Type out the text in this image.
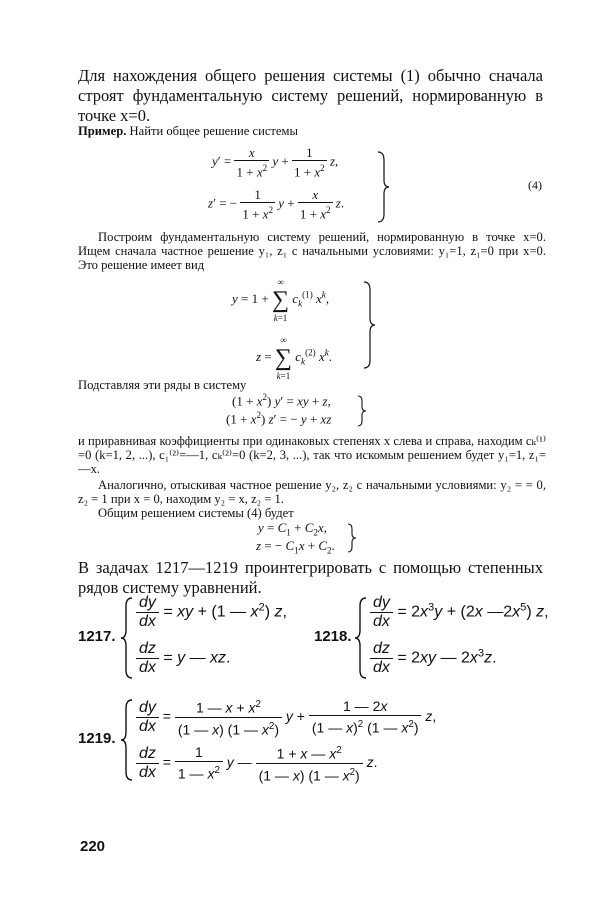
Для нахождения общего решения системы (1) обычно сначала строят фундаментальную систему решений, нормированную в точке x=0.
Пример. Найти общее решение системы
$y' = \frac{x}{1 + x^2}$ $y + \frac{1}{1 + x^2} z$,
z′ = − $\frac{1}{1 + x^2}$ $y + \frac{x}{1 + x^2} z$.
(4)
Построим фундаментальную систему решений, нормированную в точке x=0. Ищем сначала частное решение y₁, z₁ с начальными условиями: y₁=1, z₁=0 при x=0. Это решение имеет вид
y = 1 +
∞
∑
k=1
$c_k^{(1)}$ $x^k$,
z =
∞
∑
k=1
$c_k^{(2)}$ $x^k$.
Подставляя эти ряды в систему
$(1 + x^2)$ y′ = xy + z,
$(1 + x^2)$ z′ = − y + xz
и приравнивая коэффициенты при одинаковых степенях x слева и справа, находим cₖ⁽¹⁾=0 (k=1, 2, ...), c₁⁽²⁾=—1, cₖ⁽²⁾=0 (k=2, 3, ...), так что искомым решением будет y₁=1, z₁=—x.
Аналогично, отыскивая частное решение y₂, z₂ с начальными условиями: y₂ = = 0, z₂ = 1 при x = 0, находим y₂ = x, z₂ = 1.
Общим решением системы (4) будет
$y = C_1 + C_2x$,
z = − $C_1x + C_2$.
В задачах 1217—1219 проинтегрировать с помощью степенных рядов систему уравнений.
1217.
$\frac{dy}{dx}$ = xy + (1 — $x^2$) z,
$\frac{dz}{dx} = y$ — xz.
1218.
$\frac{dy}{dx} = 2x^3y + (2x$ $—2x^5$) z,
$\frac{dz}{dx} = 2xy$ — $2x^3z$.
1219.
$\frac{dy}{dx} = \frac{1 — x + x^2}{(1 — x) (1 — x^2)}$ $y + \frac{1 — 2x}{(1 — x)^2 (1 — x^2)} z$,
$\frac{dz}{dx} = \frac{1}{1 — x^2}$ y — $\frac{1 + x — x^2}{(1 — x) (1 — x^2)} z$.
220
